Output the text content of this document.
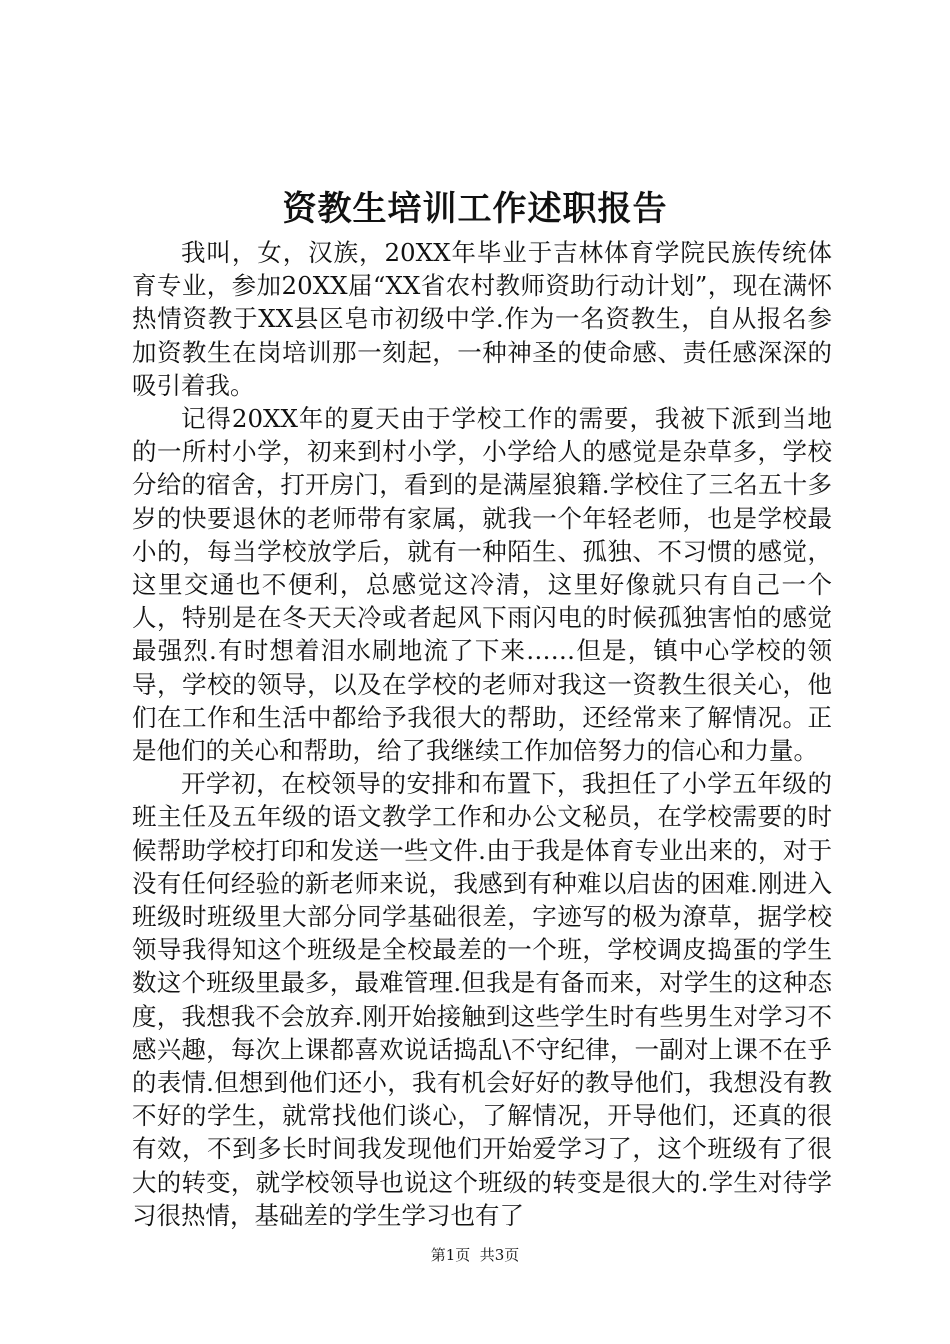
资教生培训工作述职报告

我叫，女，汉族，20XX年毕业于吉林体育学院民族传统体育专业，参加20XX届“XX省农村教师资助行动计划”，现在满怀热情资教于XX县区皂市初级中学.作为一名资教生，自从报名参加资教生在岗培训那一刻起，一种神圣的使命感、责任感深深的吸引着我。

记得20XX年的夏天由于学校工作的需要，我被下派到当地的一所村小学，初来到村小学，小学给人的感觉是杂草多，学校分给的宿舍，打开房门，看到的是满屋狼籍.学校住了三名五十多岁的快要退休的老师带有家属，就我一个年轻老师，也是学校最小的，每当学校放学后，就有一种陌生、孤独、不习惯的感觉，这里交通也不便利，总感觉这冷清，这里好像就只有自己一个人，特别是在冬天天冷或者起风下雨闪电的时候孤独害怕的感觉最强烈.有时想着泪水刷地流了下来……但是，镇中心学校的领导，学校的领导，以及在学校的老师对我这一资教生很关心，他们在工作和生活中都给予我很大的帮助，还经常来了解情况。正是他们的关心和帮助，给了我继续工作加倍努力的信心和力量。

开学初，在校领导的安排和布置下，我担任了小学五年级的班主任及五年级的语文教学工作和办公文秘员，在学校需要的时候帮助学校打印和发送一些文件.由于我是体育专业出来的，对于没有任何经验的新老师来说，我感到有种难以启齿的困难.刚进入班级时班级里大部分同学基础很差，字迹写的极为潦草，据学校领导我得知这个班级是全校最差的一个班，学校调皮捣蛋的学生数这个班级里最多，最难管理.但我是有备而来，对学生的这种态度，我想我不会放弃.刚开始接触到这些学生时有些男生对学习不感兴趣，每次上课都喜欢说话捣乱\不守纪律，一副对上课不在乎的表情.但想到他们还小，我有机会好好的教导他们，我想没有教不好的学生，就常找他们谈心，了解情况，开导他们，还真的很有效，不到多长时间我发现他们开始爱学习了，这个班级有了很大的转变，就学校领导也说这个班级的转变是很大的.学生对待学习很热情，基础差的学生学习也有了

第1页  共3页
